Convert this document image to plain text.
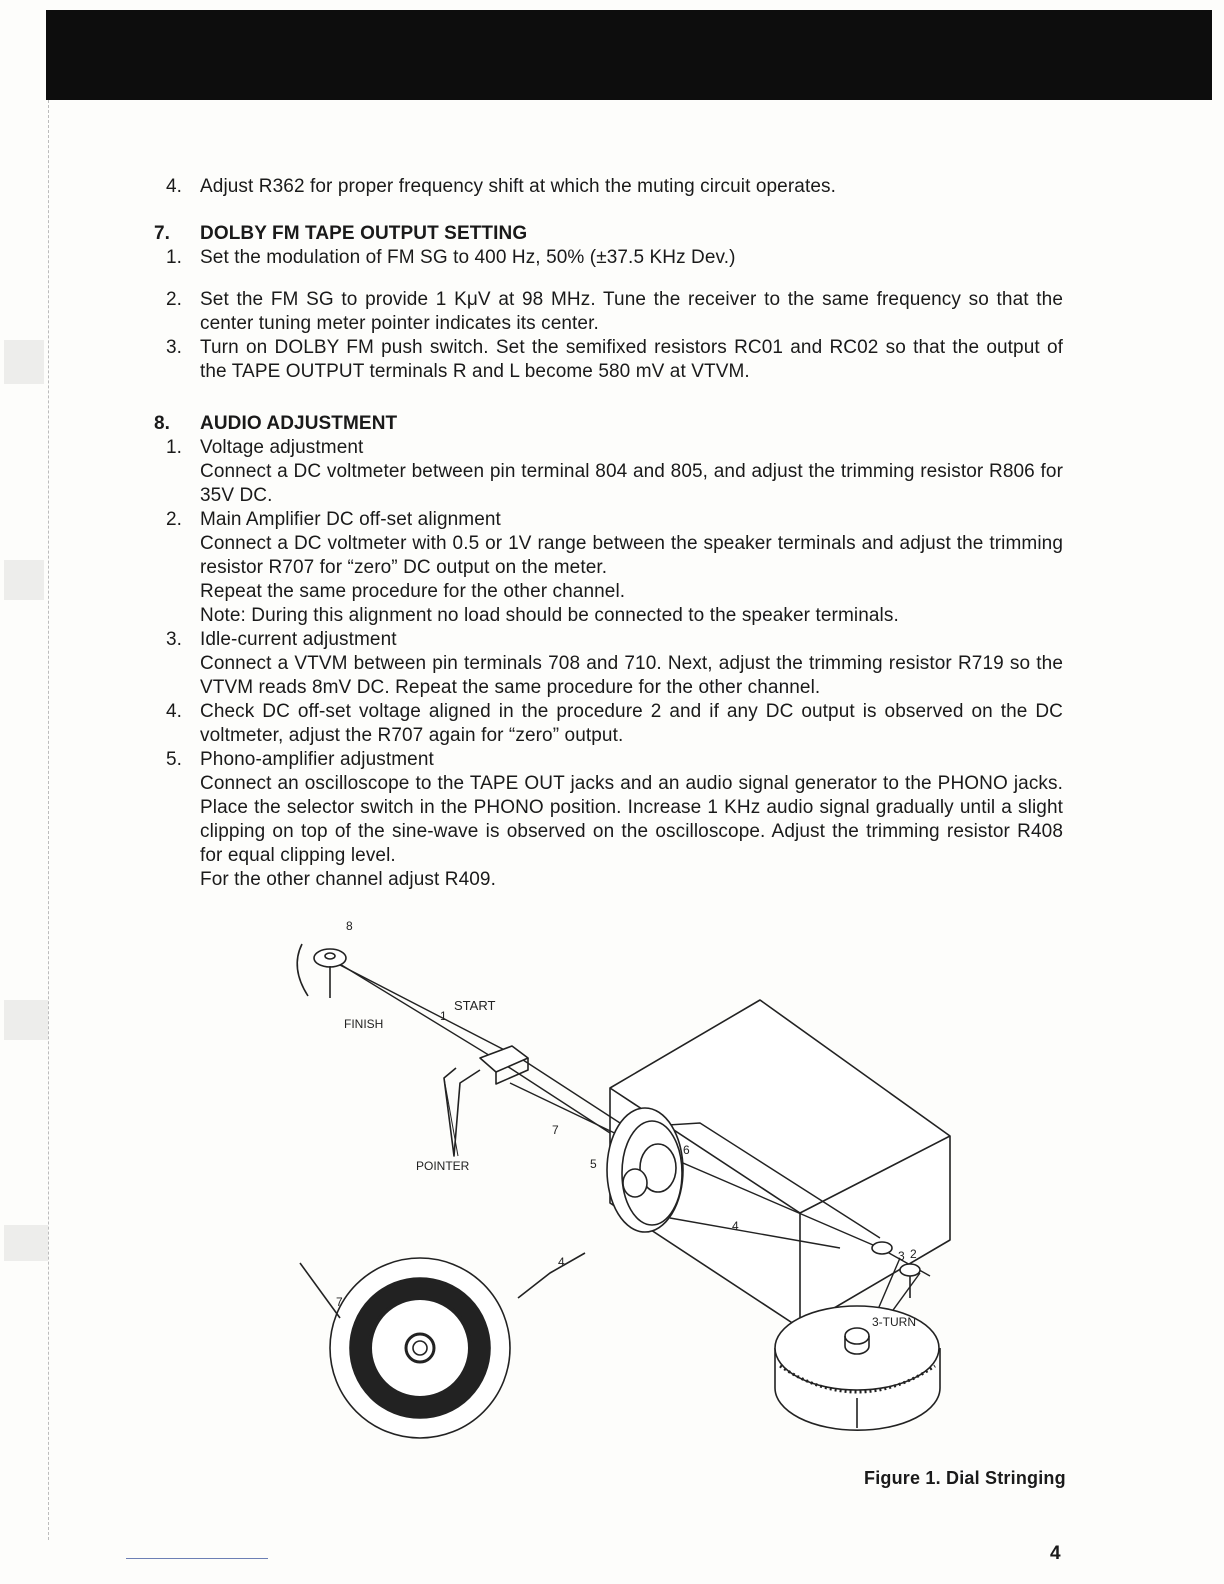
4. Adjust R362 for proper frequency shift at which the muting circuit operates.
7.	DOLBY FM TAPE OUTPUT SETTING
1. Set the modulation of FM SG to 400 Hz, 50% (±37.5 KHz Dev.)
2. Set the FM SG to provide 1 KμV at 98 MHz. Tune the receiver to the same frequency so that the center tuning meter pointer indicates its center.
3. Turn on DOLBY FM push switch. Set the semifixed resistors RC01 and RC02 so that the output of the TAPE OUTPUT terminals R and L become 580 mV at VTVM.
8.	AUDIO ADJUSTMENT
1. Voltage adjustment
Connect a DC voltmeter between pin terminal 804 and 805, and adjust the trimming resistor R806 for 35V DC.
2. Main Amplifier DC off-set alignment
Connect a DC voltmeter with 0.5 or 1V range between the speaker terminals and adjust the trimming resistor R707 for “zero” DC output on the meter.
Repeat the same procedure for the other channel.
Note: During this alignment no load should be connected to the speaker terminals.
3. Idle-current adjustment
Connect a VTVM between pin terminals 708 and 710. Next, adjust the trimming resistor R719 so the VTVM reads 8mV DC. Repeat the same procedure for the other channel.
4. Check DC off-set voltage aligned in the procedure 2 and if any DC output is observed on the DC voltmeter, adjust the R707 again for “zero” output.
5. Phono-amplifier adjustment
Connect an oscilloscope to the TAPE OUT jacks and an audio signal generator to the PHONO jacks. Place the selector switch in the PHONO position. Increase 1 KHz audio signal gradually until a slight clipping on top of the sine-wave is observed on the oscilloscope. Adjust the trimming resistor R408 for equal clipping level.
For the other channel adjust R409.
8
START
1
FINISH
POINTER
7
5
6
4
3 2
3-TURN
4
7
Figure 1. Dial Stringing
4
